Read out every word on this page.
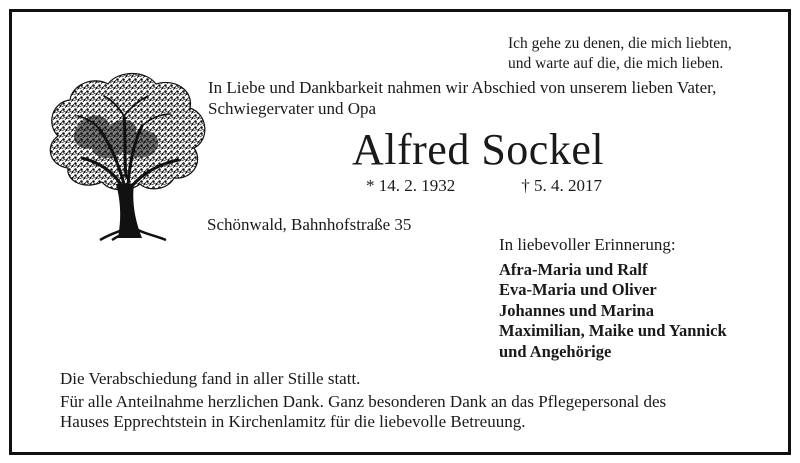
Ich gehe zu denen, die mich liebten,
und warte auf die, die mich lieben.
In Liebe und Dankbarkeit nahmen wir Abschied von unserem lieben Vater,
Schwiegervater und Opa
Alfred Sockel
* 14. 2. 1932	† 5. 4. 2017
Schönwald, Bahnhofstraße 35
In liebevoller Erinnerung:
Afra-Maria und Ralf
Eva-Maria und Oliver
Johannes und Marina
Maximilian, Maike und Yannick
und Angehörige
Die Verabschiedung fand in aller Stille statt.
Für alle Anteilnahme herzlichen Dank. Ganz besonderen Dank an das Pflegepersonal des
Hauses Epprechtstein in Kirchenlamitz für die liebevolle Betreuung.
